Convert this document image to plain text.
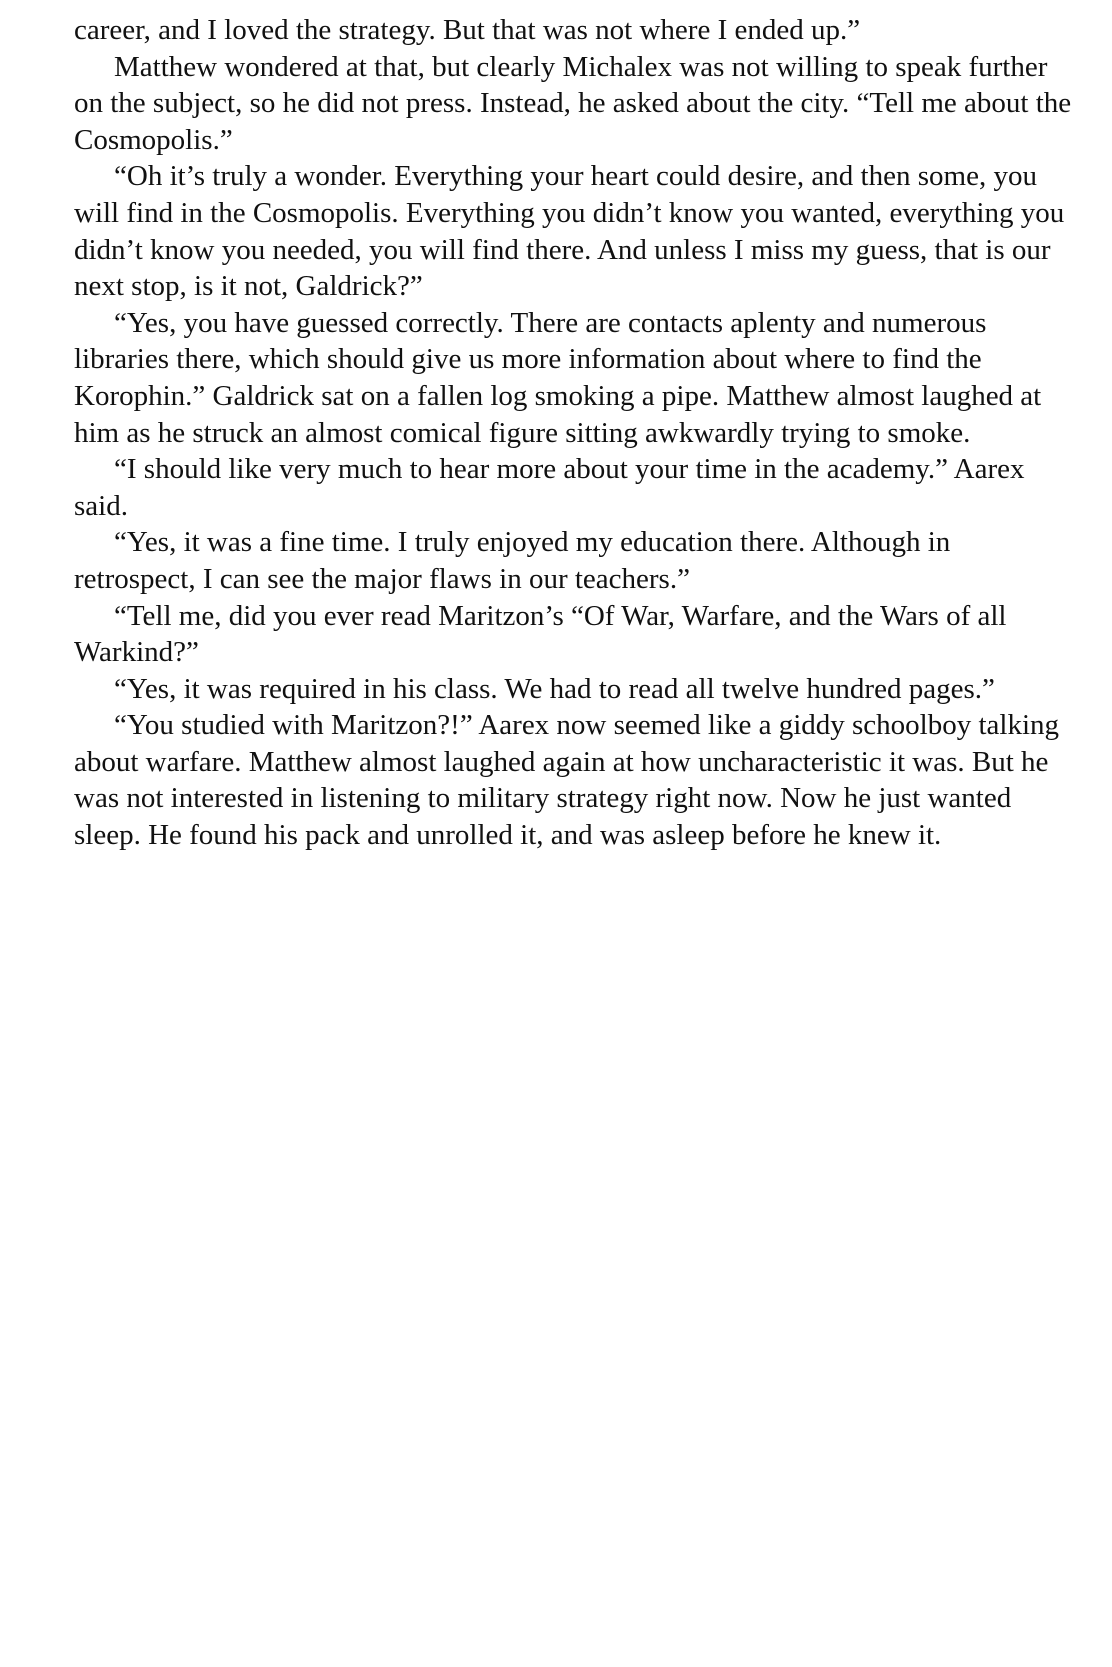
career, and I loved the strategy. But that was not where I ended up.”

Matthew wondered at that, but clearly Michalex was not willing to speak further on the subject, so he did not press. Instead, he asked about the city. “Tell me about the Cosmopolis.”

“Oh it’s truly a wonder. Everything your heart could desire, and then some, you will find in the Cosmopolis. Everything you didn’t know you wanted, everything you didn’t know you needed, you will find there. And unless I miss my guess, that is our next stop, is it not, Galdrick?”

“Yes, you have guessed correctly. There are contacts aplenty and numerous libraries there, which should give us more information about where to find the Korophin.” Galdrick sat on a fallen log smoking a pipe. Matthew almost laughed at him as he struck an almost comical figure sitting awkwardly trying to smoke.

“I should like very much to hear more about your time in the academy.” Aarex said.

“Yes, it was a fine time. I truly enjoyed my education there. Although in retrospect, I can see the major flaws in our teachers.”

“Tell me, did you ever read Maritzon’s “Of War, Warfare, and the Wars of all Warkind?”

“Yes, it was required in his class. We had to read all twelve hundred pages.”

“You studied with Maritzon?!” Aarex now seemed like a giddy schoolboy talking about warfare. Matthew almost laughed again at how uncharacteristic it was. But he was not interested in listening to military strategy right now. Now he just wanted sleep. He found his pack and unrolled it, and was asleep before he knew it.
